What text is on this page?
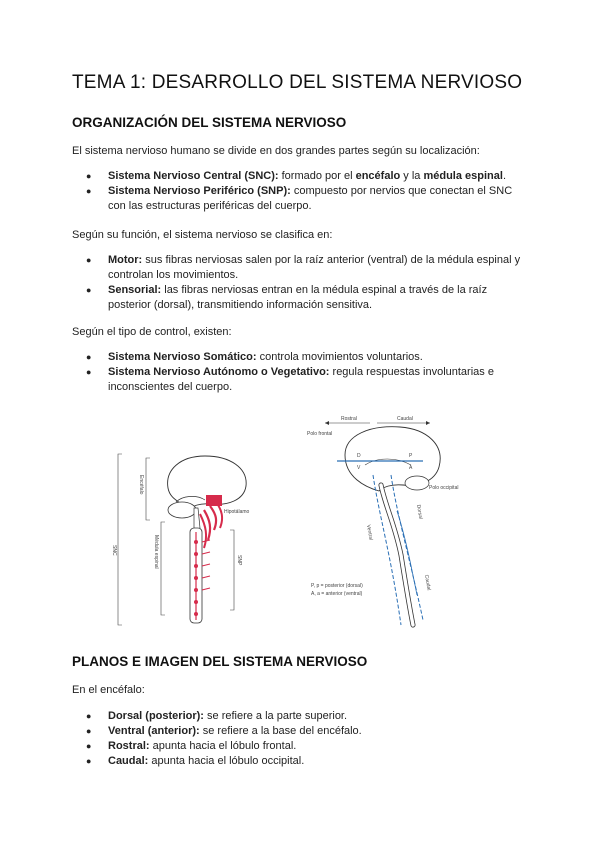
TEMA 1: DESARROLLO DEL SISTEMA NERVIOSO
ORGANIZACIÓN DEL SISTEMA NERVIOSO

El sistema nervioso humano se divide en dos grandes partes según su localización:

● Sistema Nervioso Central (SNC): formado por el encéfalo y la médula espinal.
● Sistema Nervioso Periférico (SNP): compuesto por nervios que conectan el SNC con las estructuras periféricas del cuerpo.

Según su función, el sistema nervioso se clasifica en:

● Motor: sus fibras nerviosas salen por la raíz anterior (ventral) de la médula espinal y controlan los movimientos.
● Sensorial: las fibras nerviosas entran en la médula espinal a través de la raíz posterior (dorsal), transmitiendo información sensitiva.

Según el tipo de control, existen:

● Sistema Nervioso Somático: controla movimientos voluntarios.
● Sistema Nervioso Autónomo o Vegetativo: regula respuestas involuntarias e inconscientes del cuerpo.
SNC
Encéfalo
Médula espinal
Hipotálamo
SNP
Rostral	Caudal
Polo frontal
Polo occipital
D
V
P
A
Ventral
Dorsal
Caudal
P, p = posterior (dorsal)
A, a = anterior (ventral)
PLANOS E IMAGEN DEL SISTEMA NERVIOSO

En el encéfalo:

● Dorsal (posterior): se refiere a la parte superior.
● Ventral (anterior): se refiere a la base del encéfalo.
● Rostral: apunta hacia el lóbulo frontal.
● Caudal: apunta hacia el lóbulo occipital.
